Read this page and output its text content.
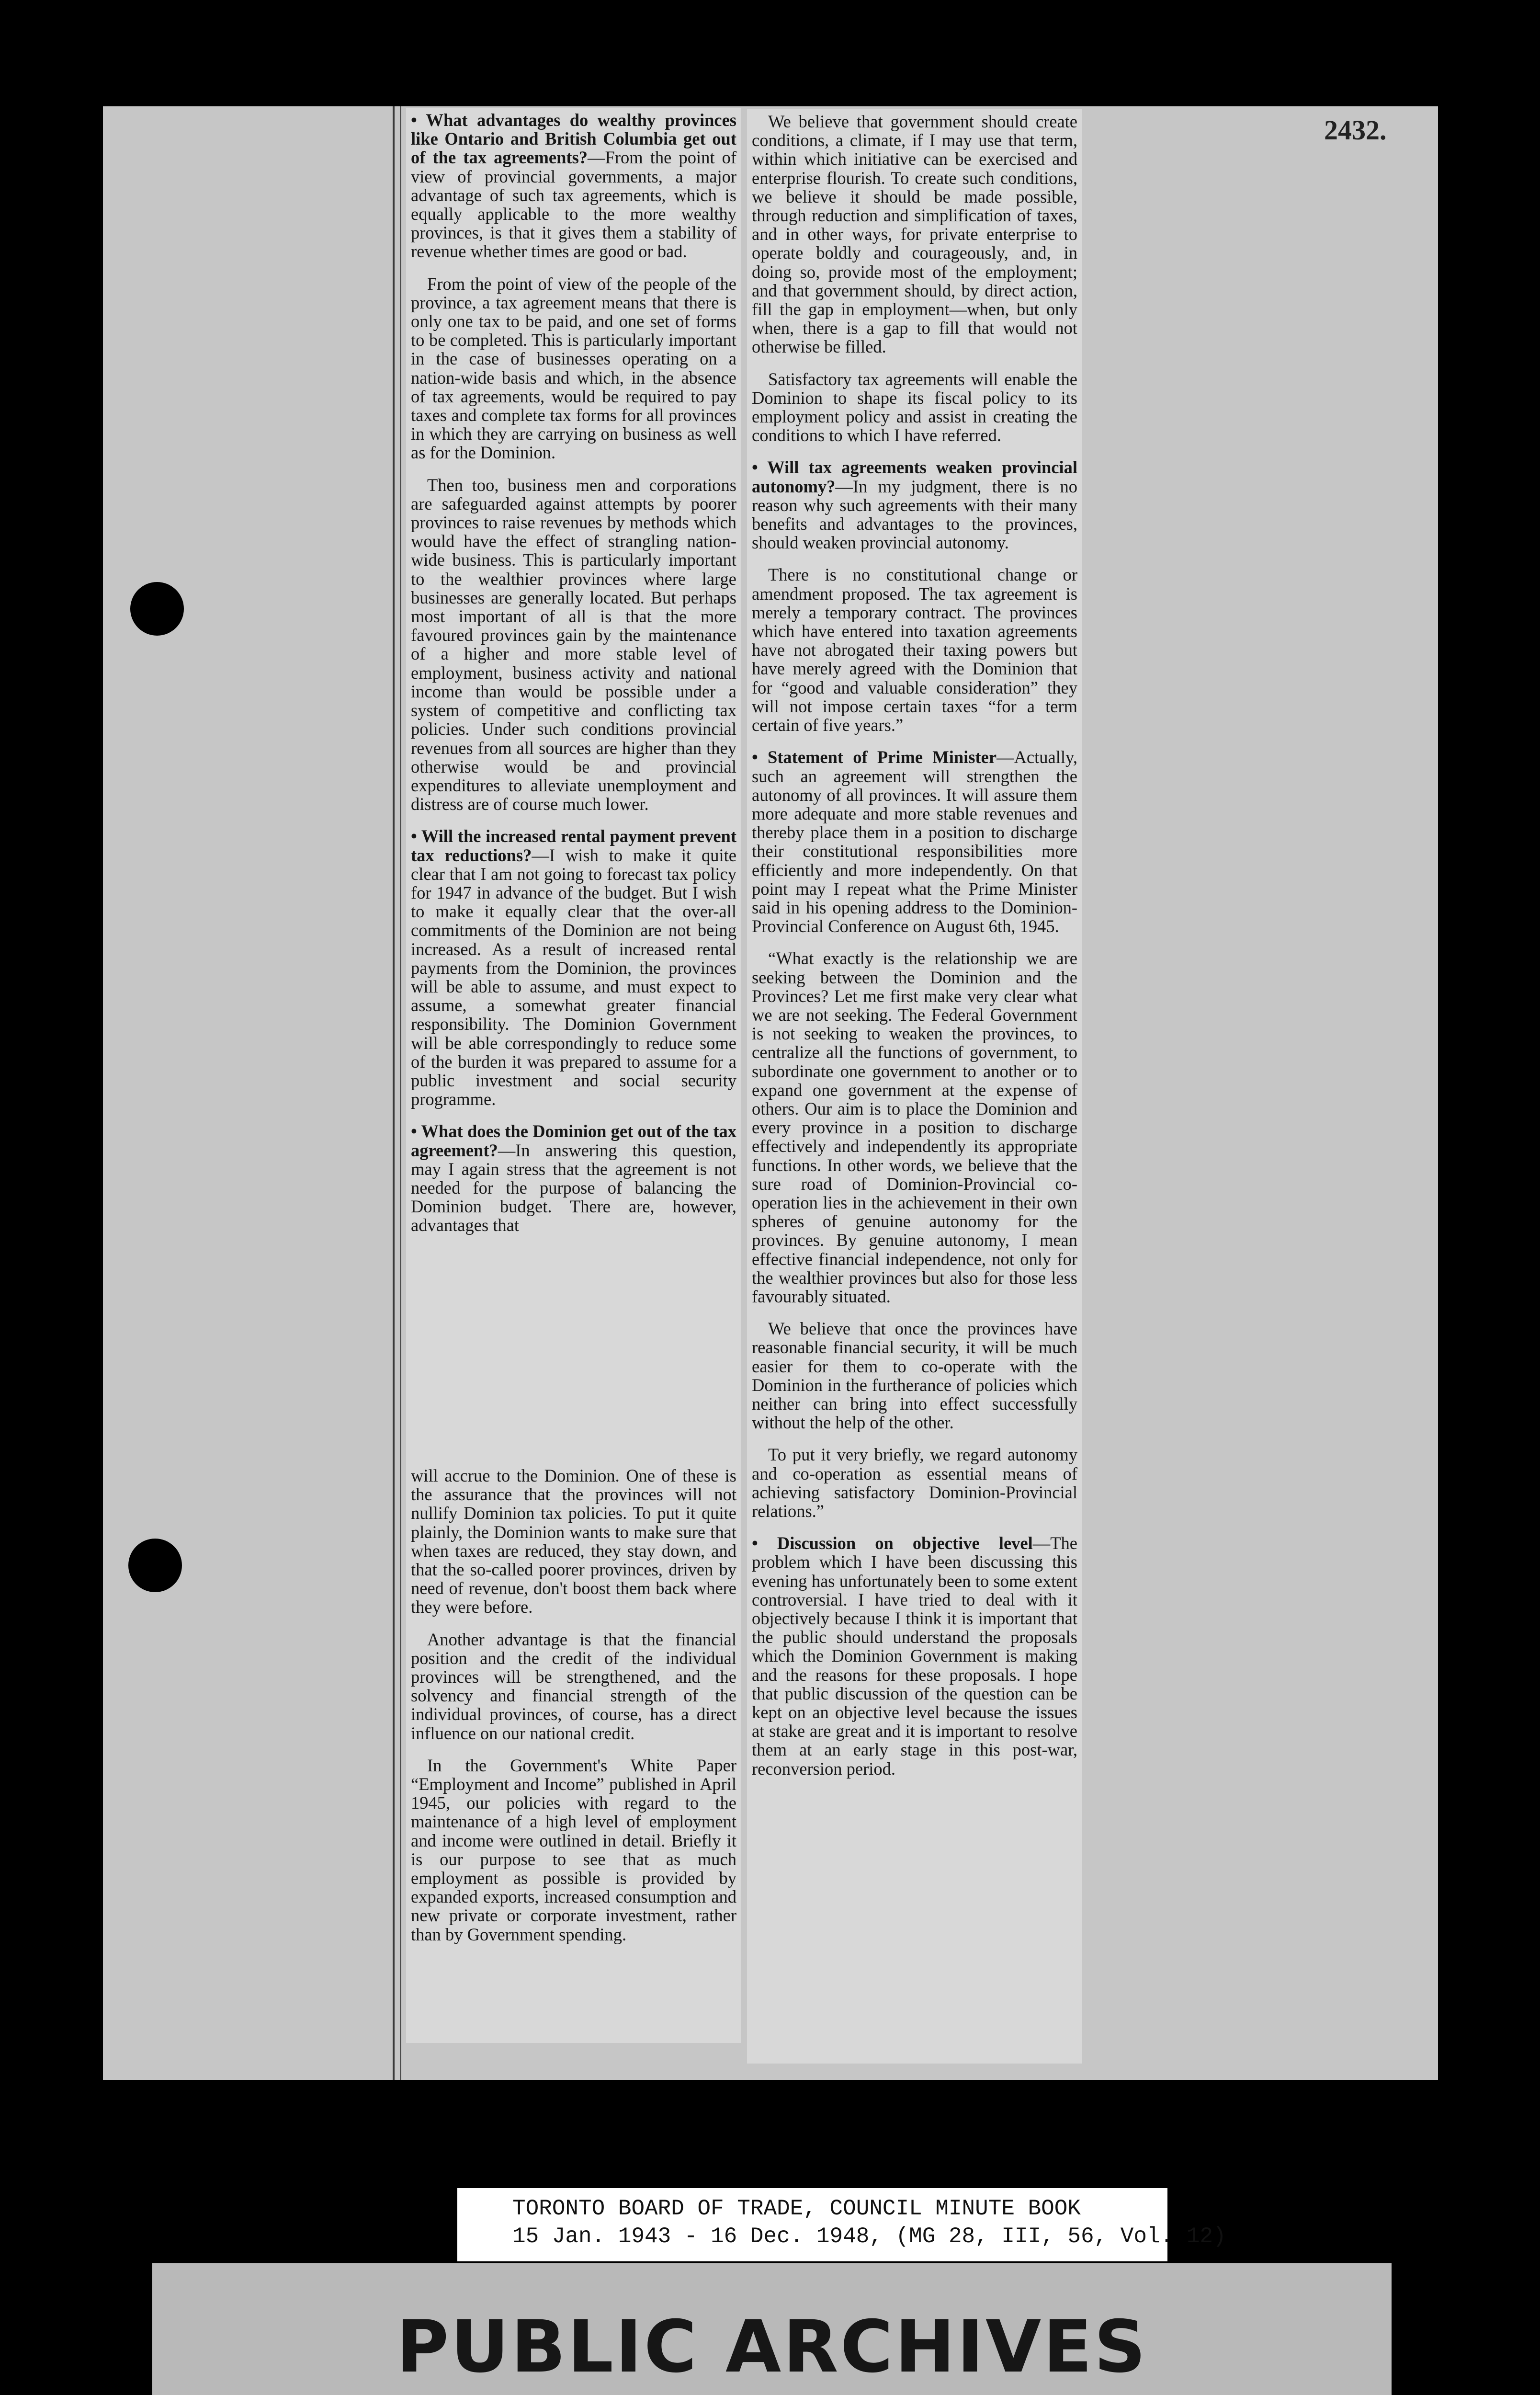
2432.

• What advantages do wealthy provinces like Ontario and British Columbia get out of the tax agreements?—From the point of view of provincial governments, a major advantage of such tax agreements, which is equally applicable to the more wealthy provinces, is that it gives them a stability of revenue whether times are good or bad.

From the point of view of the people of the province, a tax agreement means that there is only one tax to be paid, and one set of forms to be completed. This is particularly important in the case of businesses operating on a nation-wide basis and which, in the absence of tax agreements, would be required to pay taxes and complete tax forms for all provinces in which they are carrying on business as well as for the Dominion.

Then too, business men and corporations are safeguarded against attempts by poorer provinces to raise revenues by methods which would have the effect of strangling nation-wide business. This is particularly important to the wealthier provinces where large businesses are generally located. But perhaps most important of all is that the more favoured provinces gain by the maintenance of a higher and more stable level of employment, business activity and national income than would be possible under a system of competitive and conflicting tax policies. Under such conditions provincial revenues from all sources are higher than they otherwise would be and provincial expenditures to alleviate unemployment and distress are of course much lower.

• Will the increased rental payment prevent tax reductions?—I wish to make it quite clear that I am not going to forecast tax policy for 1947 in advance of the budget. But I wish to make it equally clear that the over-all commitments of the Dominion are not being increased. As a result of increased rental payments from the Dominion, the provinces will be able to assume, and must expect to assume, a somewhat greater financial responsibility. The Dominion Government will be able correspondingly to reduce some of the burden it was prepared to assume for a public investment and social security programme.

• What does the Dominion get out of the tax agreement?—In answering this question, may I again stress that the agreement is not needed for the purpose of balancing the Dominion budget. There are, however, advantages that

will accrue to the Dominion. One of these is the assurance that the provinces will not nullify Dominion tax policies. To put it quite plainly, the Dominion wants to make sure that when taxes are reduced, they stay down, and that the so-called poorer provinces, driven by need of revenue, don't boost them back where they were before.

Another advantage is that the financial position and the credit of the individual provinces will be strengthened, and the solvency and financial strength of the individual provinces, of course, has a direct influence on our national credit.

In the Government's White Paper “Employment and Income” published in April 1945, our policies with regard to the maintenance of a high level of employment and income were outlined in detail. Briefly it is our purpose to see that as much employment as possible is provided by expanded exports, increased consumption and new private or corporate investment, rather than by Government spending.

We believe that government should create conditions, a climate, if I may use that term, within which initiative can be exercised and enterprise flourish. To create such conditions, we believe it should be made possible, through reduction and simplification of taxes, and in other ways, for private enterprise to operate boldly and courageously, and, in doing so, provide most of the employment; and that government should, by direct action, fill the gap in employment—when, but only when, there is a gap to fill that would not otherwise be filled.

Satisfactory tax agreements will enable the Dominion to shape its fiscal policy to its employment policy and assist in creating the conditions to which I have referred.

• Will tax agreements weaken provincial autonomy?—In my judgment, there is no reason why such agreements with their many benefits and advantages to the provinces, should weaken provincial autonomy.

There is no constitutional change or amendment proposed. The tax agreement is merely a temporary contract. The provinces which have entered into taxation agreements have not abrogated their taxing powers but have merely agreed with the Dominion that for “good and valuable consideration” they will not impose certain taxes “for a term certain of five years.”

• Statement of Prime Minister—Actually, such an agreement will strengthen the autonomy of all provinces. It will assure them more adequate and more stable revenues and thereby place them in a position to discharge their constitutional responsibilities more efficiently and more independently. On that point may I repeat what the Prime Minister said in his opening address to the Dominion-Provincial Conference on August 6th, 1945.

“What exactly is the relationship we are seeking between the Dominion and the Provinces? Let me first make very clear what we are not seeking. The Federal Government is not seeking to weaken the provinces, to centralize all the functions of government, to subordinate one government to another or to expand one government at the expense of others. Our aim is to place the Dominion and every province in a position to discharge effectively and independently its appropriate functions. In other words, we believe that the sure road of Dominion-Provincial co-operation lies in the achievement in their own spheres of genuine autonomy for the provinces. By genuine autonomy, I mean effective financial independence, not only for the wealthier provinces but also for those less favourably situated.

We believe that once the provinces have reasonable financial security, it will be much easier for them to co-operate with the Dominion in the furtherance of policies which neither can bring into effect successfully without the help of the other.

To put it very briefly, we regard autonomy and co-operation as essential means of achieving satisfactory Dominion-Provincial relations.”

• Discussion on objective level—The problem which I have been discussing this evening has unfortunately been to some extent controversial. I have tried to deal with it objectively because I think it is important that the public should understand the proposals which the Dominion Government is making and the reasons for these proposals. I hope that public discussion of the question can be kept on an objective level because the issues at stake are great and it is important to resolve them at an early stage in this post-war, reconversion period.

TORONTO BOARD OF TRADE, COUNCIL MINUTE BOOK
15 Jan. 1943 - 16 Dec. 1948, (MG 28, III, 56, Vol. 12)
PUBLIC ARCHIVES
